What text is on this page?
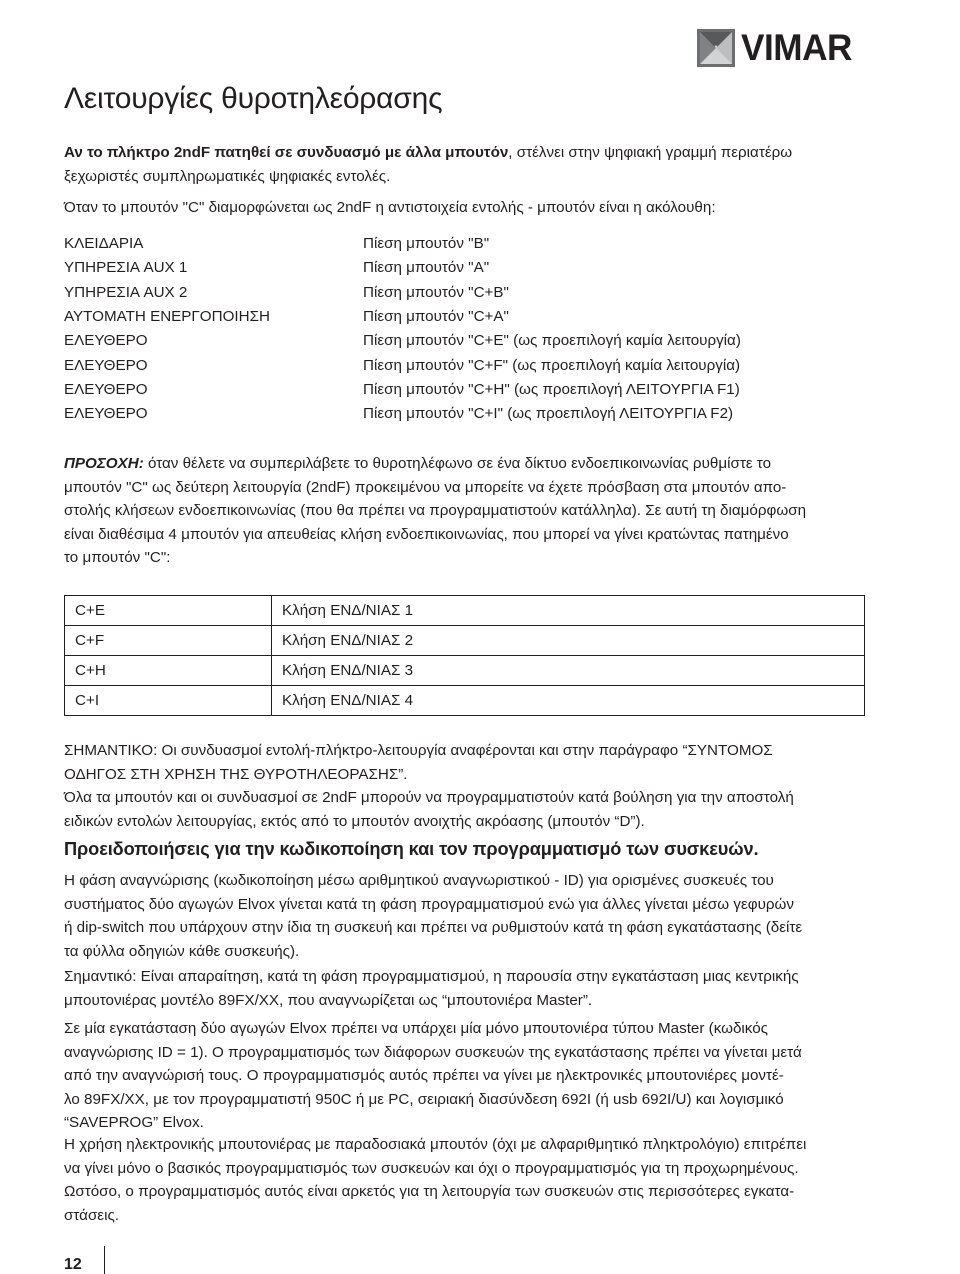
VIMAR
Λειτουργίες θυροτηλεόρασης
Αν το πλήκτρο 2ndF πατηθεί σε συνδυασμό με άλλα μπουτόν, στέλνει στην ψηφιακή γραμμή περιατέρω
ξεχωριστές συμπληρωματικές ψηφιακές εντολές.
Όταν το μπουτόν "C" διαμορφώνεται ως 2ndF η αντιστοιχεία εντολής - μπουτόν είναι η ακόλουθη:
ΚΛΕΙΔΑΡΙΑ	Πίεση μπουτόν "B"
ΥΠΗΡΕΣΙΑ AUX 1	Πίεση μπουτόν "A"
ΥΠΗΡΕΣΙΑ AUX 2	Πίεση μπουτόν "C+B"
ΑΥΤΟΜΑΤΗ ΕΝΕΡΓΟΠΟΙΗΣΗ	Πίεση μπουτόν "C+A"
ΕΛΕΥΘΕΡΟ	Πίεση μπουτόν "C+E" (ως προεπιλογή καμία λειτουργία)
ΕΛΕΥΘΕΡΟ	Πίεση μπουτόν "C+F" (ως προεπιλογή καμία λειτουργία)
ΕΛΕΥΘΕΡΟ	Πίεση μπουτόν "C+H" (ως προεπιλογή ΛΕΙΤΟΥΡΓΙΑ F1)
ΕΛΕΥΘΕΡΟ	Πίεση μπουτόν "C+I" (ως προεπιλογή ΛΕΙΤΟΥΡΓΙΑ F2)
ΠΡΟΣΟΧΗ: όταν θέλετε να συμπεριλάβετε το θυροτηλέφωνο σε ένα δίκτυο ενδοεπικοινωνίας ρυθμίστε το
μπουτόν "C" ως δεύτερη λειτουργία (2ndF) προκειμένου να μπορείτε να έχετε πρόσβαση στα μπουτόν απο-
στολής κλήσεων ενδοεπικοινωνίας (που θα πρέπει να προγραμματιστούν κατάλληλα). Σε αυτή τη διαμόρφωση
είναι διαθέσιμα 4 μπουτόν για απευθείας κλήση ενδοεπικοινωνίας, που μπορεί να γίνει κρατώντας πατημένο
το μπουτόν "C":
C+E	Κλήση ΕΝΔ/ΝΙΑΣ 1
C+F	Κλήση ΕΝΔ/ΝΙΑΣ 2
C+H	Κλήση ΕΝΔ/ΝΙΑΣ 3
C+I	Κλήση ΕΝΔ/ΝΙΑΣ 4
ΣΗΜΑΝΤΙΚΟ: Οι συνδυασμοί εντολή-πλήκτρο-λειτουργία αναφέρονται και στην παράγραφο “ΣΥΝΤΟΜΟΣ
ΟΔΗΓΟΣ ΣΤΗ ΧΡΗΣΗ ΤΗΣ ΘΥΡΟΤΗΛΕΟΡΑΣΗΣ”.
Όλα τα μπουτόν και οι συνδυασμοί σε 2ndF μπορούν να προγραμματιστούν κατά βούληση για την αποστολή
ειδικών εντολών λειτουργίας, εκτός από το μπουτόν ανοιχτής ακρόασης (μπουτόν “D”).
Προειδοποιήσεις για την κωδικοποίηση και τον προγραμματισμό των συσκευών.
Η φάση αναγνώρισης (κωδικοποίηση μέσω αριθμητικού αναγνωριστικού - ID) για ορισμένες συσκευές του
συστήματος δύο αγωγών Elvox γίνεται κατά τη φάση προγραμματισμού ενώ για άλλες γίνεται μέσω γεφυρών
ή dip-switch που υπάρχουν στην ίδια τη συσκευή και πρέπει να ρυθμιστούν κατά τη φάση εγκατάστασης (δείτε
τα φύλλα οδηγιών κάθε συσκευής).
Σημαντικό: Είναι απαραίτηση, κατά τη φάση προγραμματισμού, η παρουσία στην εγκατάσταση μιας κεντρικής
μπουτονιέρας μοντέλο 89FX/XX, που αναγνωρίζεται ως “μπουτονιέρα Master”.
Σε μία εγκατάσταση δύο αγωγών Elvox πρέπει να υπάρχει μία μόνο μπουτονιέρα τύπου Master (κωδικός
αναγνώρισης ID = 1). Ο προγραμματισμός των διάφορων συσκευών της εγκατάστασης πρέπει να γίνεται μετά
από την αναγνώρισή τους. Ο προγραμματισμός αυτός πρέπει να γίνει με ηλεκτρονικές μπουτονιέρες μοντέ-
λο 89FX/XX, με τον προγραμματιστή 950C ή με PC, σειριακή διασύνδεση 692I (ή usb 692I/U) και λογισμικό
“SAVEPROG” Elvox.
Η χρήση ηλεκτρονικής μπουτονιέρας με παραδοσιακά μπουτόν (όχι με αλφαριθμητικό πληκτρολόγιο) επιτρέπει
να γίνει μόνο ο βασικός προγραμματισμός των συσκευών και όχι ο προγραμματισμός για τη προχωρημένους.
Ωστόσο, ο προγραμματισμός αυτός είναι αρκετός για τη λειτουργία των συσκευών στις περισσότερες εγκατα-
στάσεις.
12
